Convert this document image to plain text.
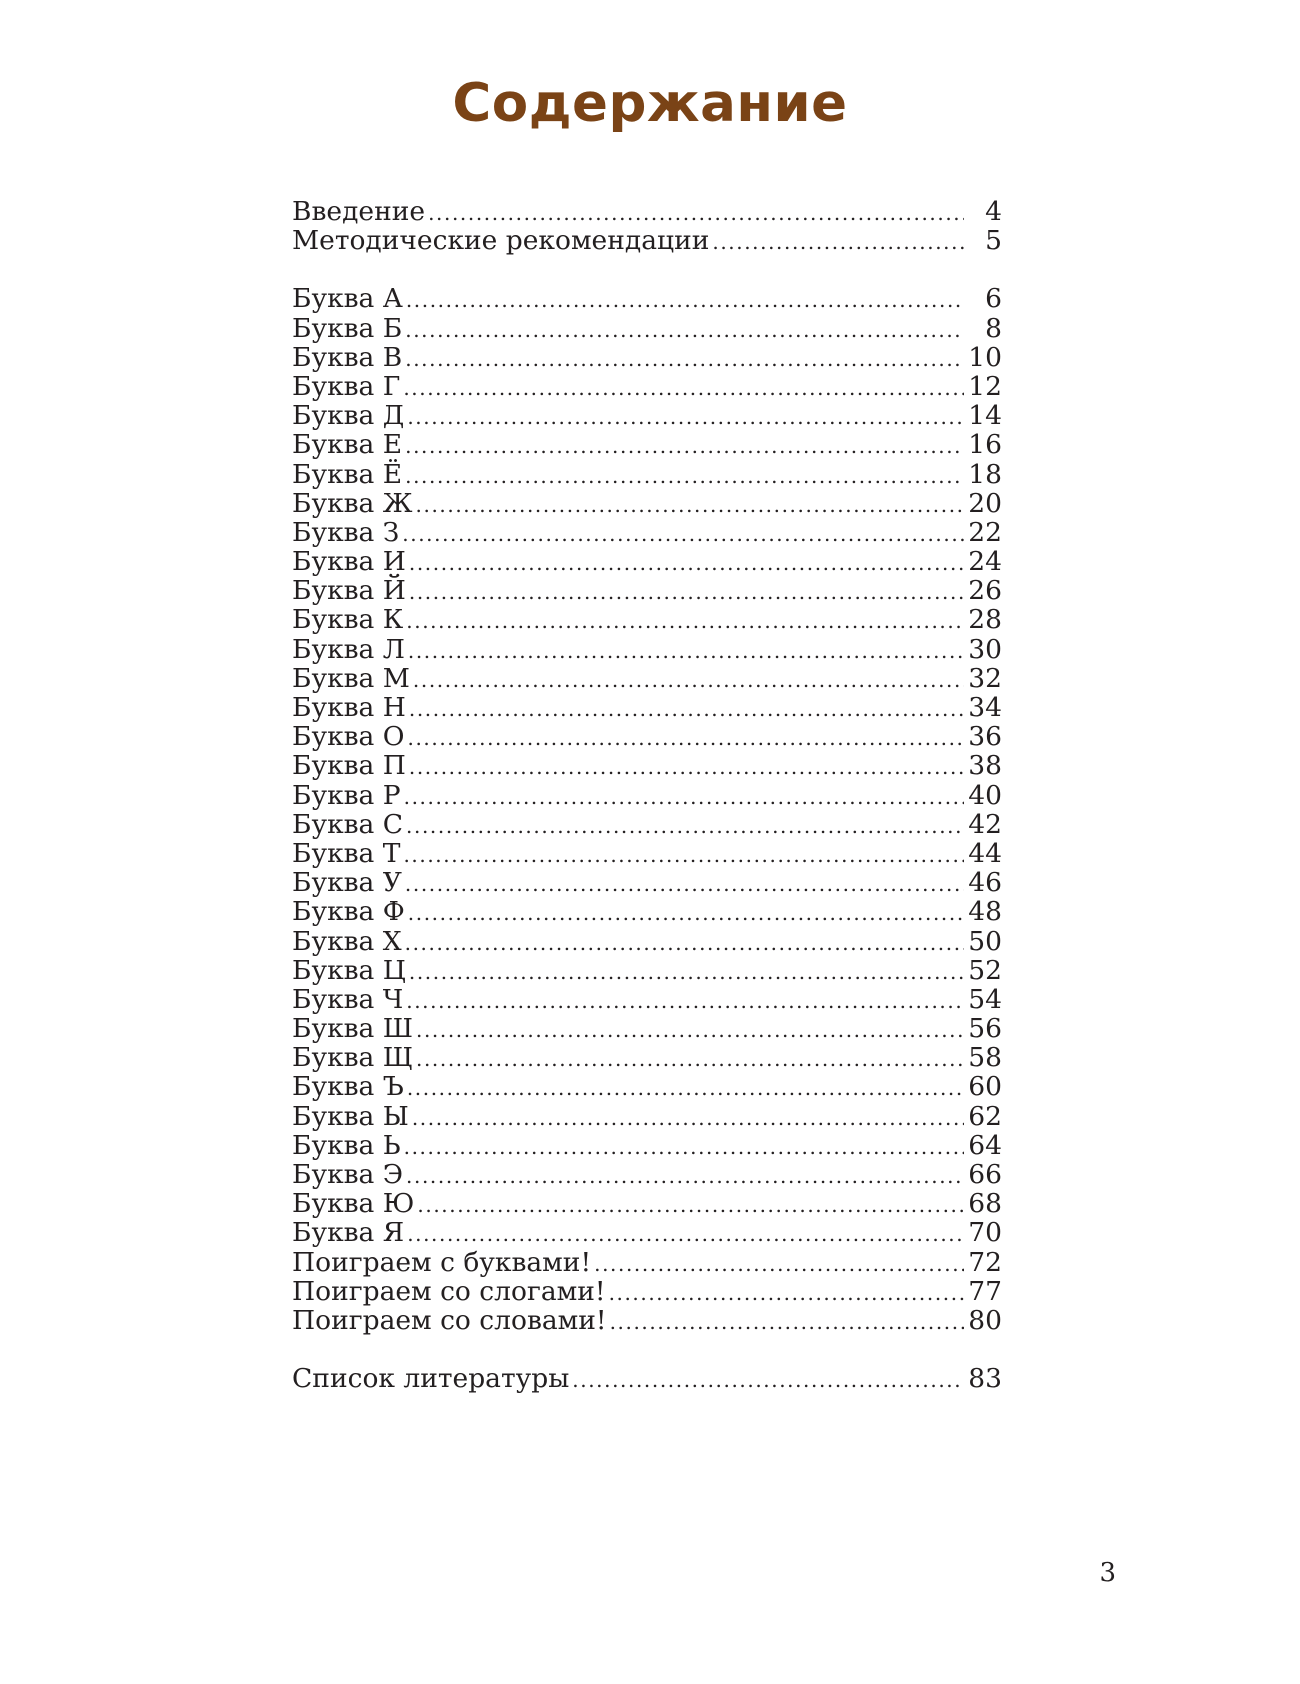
Содержание
Введение .....	4
Методические рекомендации .....	5
Буква А .....	6
Буква Б .....	8
Буква В .....	10
Буква Г .....	12
Буква Д .....	14
Буква Е .....	16
Буква Ё .....	18
Буква Ж .....	20
Буква З .....	22
Буква И .....	24
Буква Й .....	26
Буква К .....	28
Буква Л .....	30
Буква М .....	32
Буква Н .....	34
Буква О .....	36
Буква П .....	38
Буква Р .....	40
Буква С .....	42
Буква Т .....	44
Буква У .....	46
Буква Ф .....	48
Буква Х .....	50
Буква Ц .....	52
Буква Ч .....	54
Буква Ш .....	56
Буква Щ .....	58
Буква Ъ .....	60
Буква Ы .....	62
Буква Ь .....	64
Буква Э .....	66
Буква Ю .....	68
Буква Я .....	70
Поиграем с буквами! .....	72
Поиграем со слогами! .....	77
Поиграем со словами! .....	80
Список литературы .....	83

3
